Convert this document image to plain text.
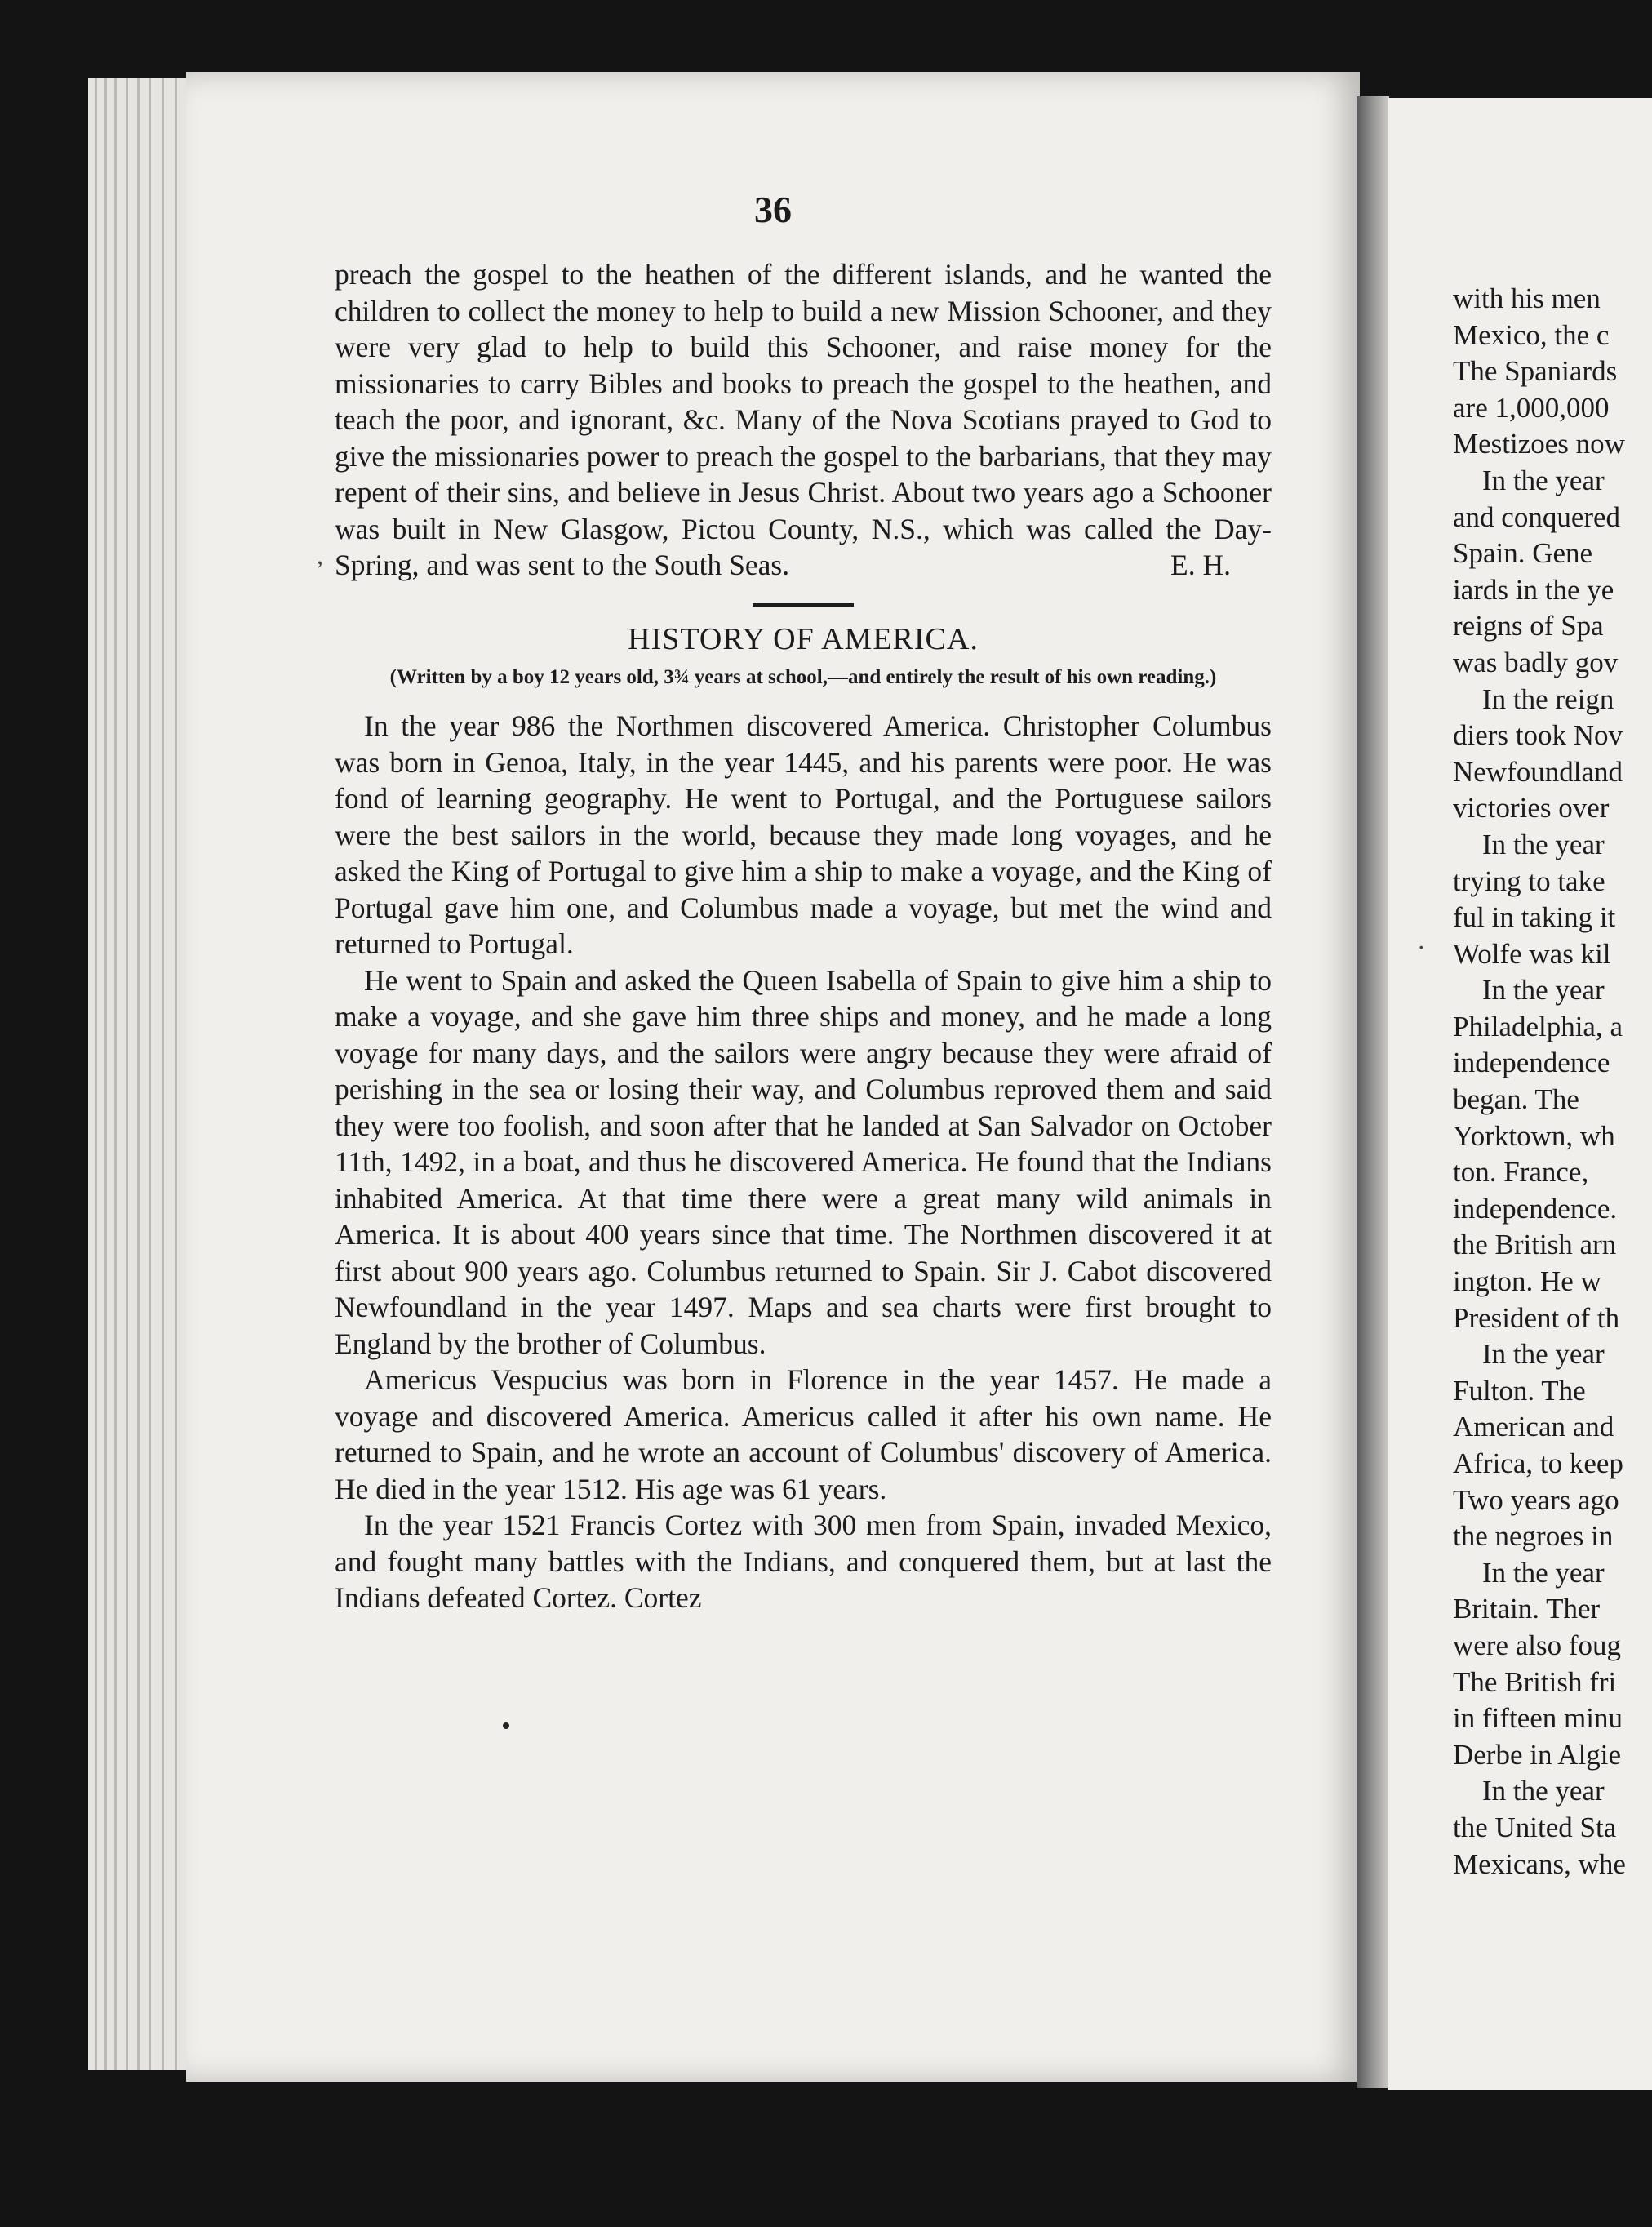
36
,

preach the gospel to the heathen of the different islands, and he wanted the children to collect the money to help to build a new Mission Schooner, and they were very glad to help to build this Schooner, and raise money for the missionaries to carry Bibles and books to preach the gospel to the heathen, and teach the poor, and ignorant, &c. Many of the Nova Scotians prayed to God to give the missionaries power to preach the gospel to the barbarians, that they may repent of their sins, and believe in Jesus Christ. About two years ago a Schooner was built in New Glasgow, Pictou County, N.S., which was called the Day-Spring, and was sent to the South Seas.	E. H.
HISTORY OF AMERICA.
(Written by a boy 12 years old, 3¾ years at school,—and entirely the result of his own reading.)

In the year 986 the Northmen discovered America. Christopher Columbus was born in Genoa, Italy, in the year 1445, and his parents were poor. He was fond of learning geography. He went to Portugal, and the Portuguese sailors were the best sailors in the world, because they made long voyages, and he asked the King of Portugal to give him a ship to make a voyage, and the King of Portugal gave him one, and Columbus made a voyage, but met the wind and returned to Portugal.

He went to Spain and asked the Queen Isabella of Spain to give him a ship to make a voyage, and she gave him three ships and money, and he made a long voyage for many days, and the sailors were angry because they were afraid of perishing in the sea or losing their way, and Columbus reproved them and said they were too foolish, and soon after that he landed at San Salvador on October 11th, 1492, in a boat, and thus he discovered America. He found that the Indians inhabited America. At that time there were a great many wild animals in America. It is about 400 years since that time. The Northmen discovered it at first about 900 years ago. Columbus returned to Spain. Sir J. Cabot discovered Newfoundland in the year 1497. Maps and sea charts were first brought to England by the brother of Columbus.

Americus Vespucius was born in Florence in the year 1457. He made a voyage and discovered America. Americus called it after his own name. He returned to Spain, and he wrote an account of Columbus' discovery of America. He died in the year 1512. His age was 61 years.

In the year 1521 Francis Cortez with 300 men from Spain, invaded Mexico, and fought many battles with the Indians, and conquered them, but at last the Indians defeated Cortez. Cortez

with his men
Mexico, the c
The Spaniards
are 1,000,000
Mestizoes now
In the year
and conquered
Spain. Gene
iards in the ye
reigns of Spa
was badly gov
In the reign
diers took Nov
Newfoundland
victories over
In the year
trying to take
ful in taking it
Wolfe was kil
In the year
Philadelphia, a
independence
began. The
Yorktown, wh
ton. France,
independence.
the British arn
ington. He w
President of th
In the year
Fulton. The
American and
Africa, to keep
Two years ago
the negroes in
In the year
Britain. Ther
were also foug
The British fri
in fifteen minu
Derbe in Algie
In the year
the United Sta
Mexicans, whe
·
